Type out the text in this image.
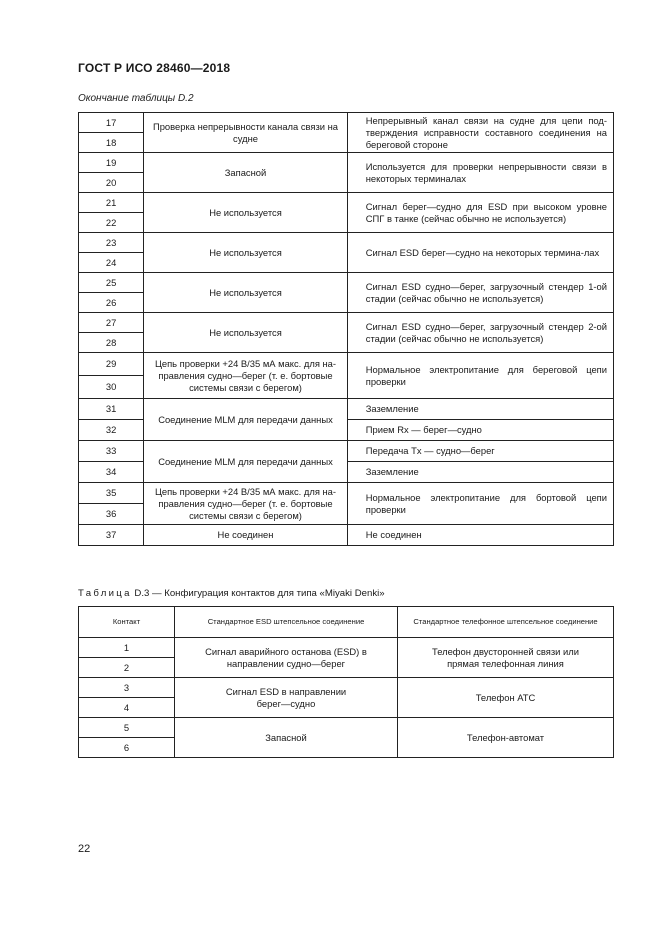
ГОСТ Р ИСО 28460—2018
Окончание таблицы D.2
17	Проверка непрерывности канала связи на судне	Непрерывный канал связи на судне для цепи под-тверждения исправности составного соединения на береговой стороне
18		
19	Запасной	Используется для проверки непрерывности связи в некоторых терминалах
20		
21	Не используется	Сигнал берег—судно для ESD при высоком уровне СПГ в танке (сейчас обычно не используется)
22		
23	Не используется	Сигнал ESD берег—судно на некоторых термина-лах
24		
25	Не используется	Сигнал ESD судно—берег, загрузочный стендер 1-ой стадии (сейчас обычно не используется)
26		
27	Не используется	Сигнал ESD судно—берег, загрузочный стендер 2-ой стадии (сейчас обычно не используется)
28		
29	Цепь проверки +24 В/35 мА макс. для на-правления судно—берег (т. е. бортовые системы связи с берегом)	Нормальное электропитание для береговой цепи проверки
30		
31	Соединение MLM для передачи данных	Заземление
32		Прием Rx — берег—судно
33	Соединение MLM для передачи данных	Передача Tx — судно—берег
34		Заземление
35	Цепь проверки +24 В/35 мА макс. для на-правления судно—берег (т. е. бортовые системы связи с берегом)	Нормальное электропитание для бортовой цепи проверки
36		
37	Не соединен	Не соединен
Таблица D.3 — Конфигурация контактов для типа «Miyaki Denki»
Контакт	Стандартное ESD штепсельное соединение	Стандартное телефонное штепсельное соединение
1	Сигнал аварийного останова (ESD) в направлении судно—берег	Телефон двусторонней связи или прямая телефонная линия
2		
3	Сигнал ESD в направлении берег—судно	Телефон АТС
4		
5	Запасной	Телефон-автомат
6		
22
